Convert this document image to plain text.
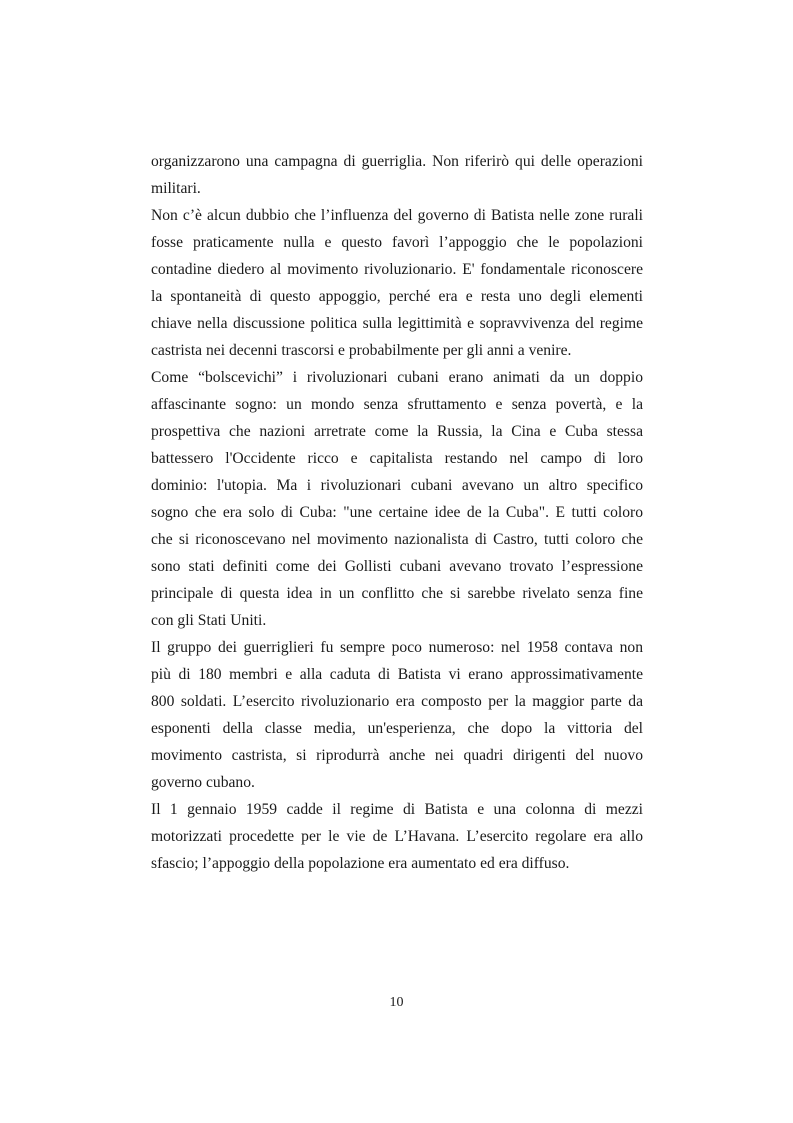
organizzarono una campagna di guerriglia. Non riferirò qui delle operazioni
militari.
Non c’è alcun dubbio che l’influenza del governo di Batista nelle zone rurali
fosse praticamente nulla e questo favorì l’appoggio che le popolazioni
contadine diedero al movimento rivoluzionario. E' fondamentale riconoscere
la spontaneità di questo appoggio, perché era e resta uno degli elementi
chiave nella discussione politica sulla legittimità e sopravvivenza del regime
castrista nei decenni trascorsi e probabilmente per gli anni a venire.
Come “bolscevichi” i rivoluzionari cubani erano animati da un doppio
affascinante sogno: un mondo senza sfruttamento e senza povertà, e la
prospettiva che nazioni arretrate come la Russia, la Cina e Cuba stessa
battessero l'Occidente ricco e capitalista restando nel campo di loro
dominio: l'utopia. Ma i rivoluzionari cubani avevano un altro specifico
sogno che era solo di Cuba: "une certaine idee de la Cuba". E tutti coloro
che si riconoscevano nel movimento nazionalista di Castro, tutti coloro che
sono stati definiti come dei Gollisti cubani avevano trovato l’espressione
principale di questa idea in un conflitto che si sarebbe rivelato senza fine
con gli Stati Uniti.
Il gruppo dei guerriglieri fu sempre poco numeroso: nel 1958 contava non
più di 180 membri e alla caduta di Batista vi erano approssimativamente
800 soldati. L’esercito rivoluzionario era composto per la maggior parte da
esponenti della classe media, un'esperienza, che dopo la vittoria del
movimento castrista, si riprodurrà anche nei quadri dirigenti del nuovo
governo cubano.
Il 1 gennaio 1959 cadde il regime di Batista e una colonna di mezzi
motorizzati procedette per le vie de L’Havana. L’esercito regolare era allo
sfascio; l’appoggio della popolazione era aumentato ed era diffuso.
10
